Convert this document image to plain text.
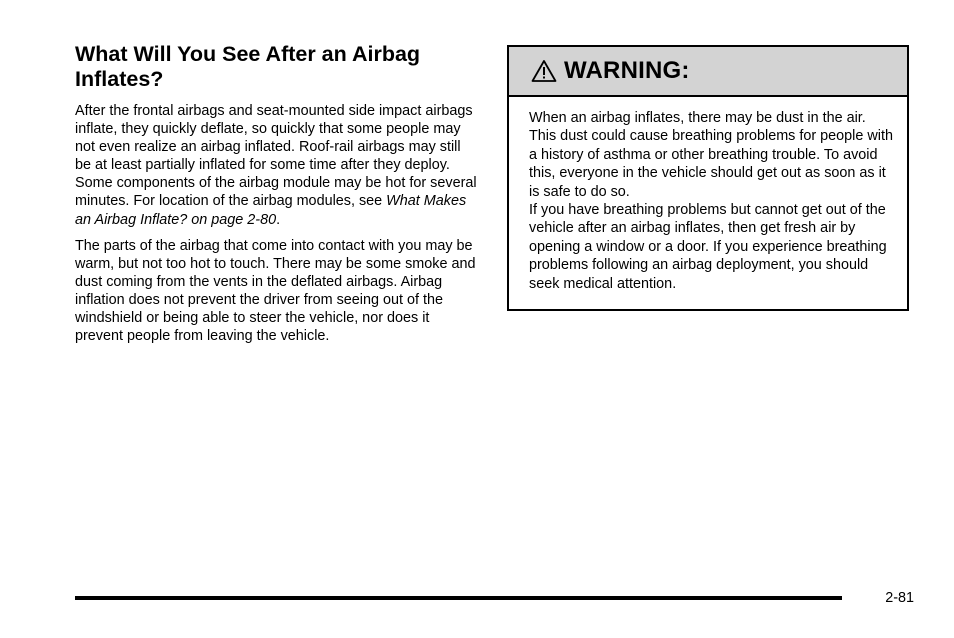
What Will You See After an Airbag Inflates?

After the frontal airbags and seat-mounted side impact airbags inflate, they quickly deflate, so quickly that some people may not even realize an airbag inflated. Roof-rail airbags may still be at least partially inflated for some time after they deploy. Some components of the airbag module may be hot for several minutes. For location of the airbag modules, see What Makes an Airbag Inflate? on page 2-80.

The parts of the airbag that come into contact with you may be warm, but not too hot to touch. There may be some smoke and dust coming from the vents in the deflated airbags. Airbag inflation does not prevent the driver from seeing out of the windshield or being able to steer the vehicle, nor does it prevent people from leaving the vehicle.

WARNING:

When an airbag inflates, there may be dust in the air. This dust could cause breathing problems for people with a history of asthma or other breathing trouble. To avoid this, everyone in the vehicle should get out as soon as it is safe to do so.

If you have breathing problems but cannot get out of the vehicle after an airbag inflates, then get fresh air by opening a window or a door. If you experience breathing problems following an airbag deployment, you should seek medical attention.

2-81
